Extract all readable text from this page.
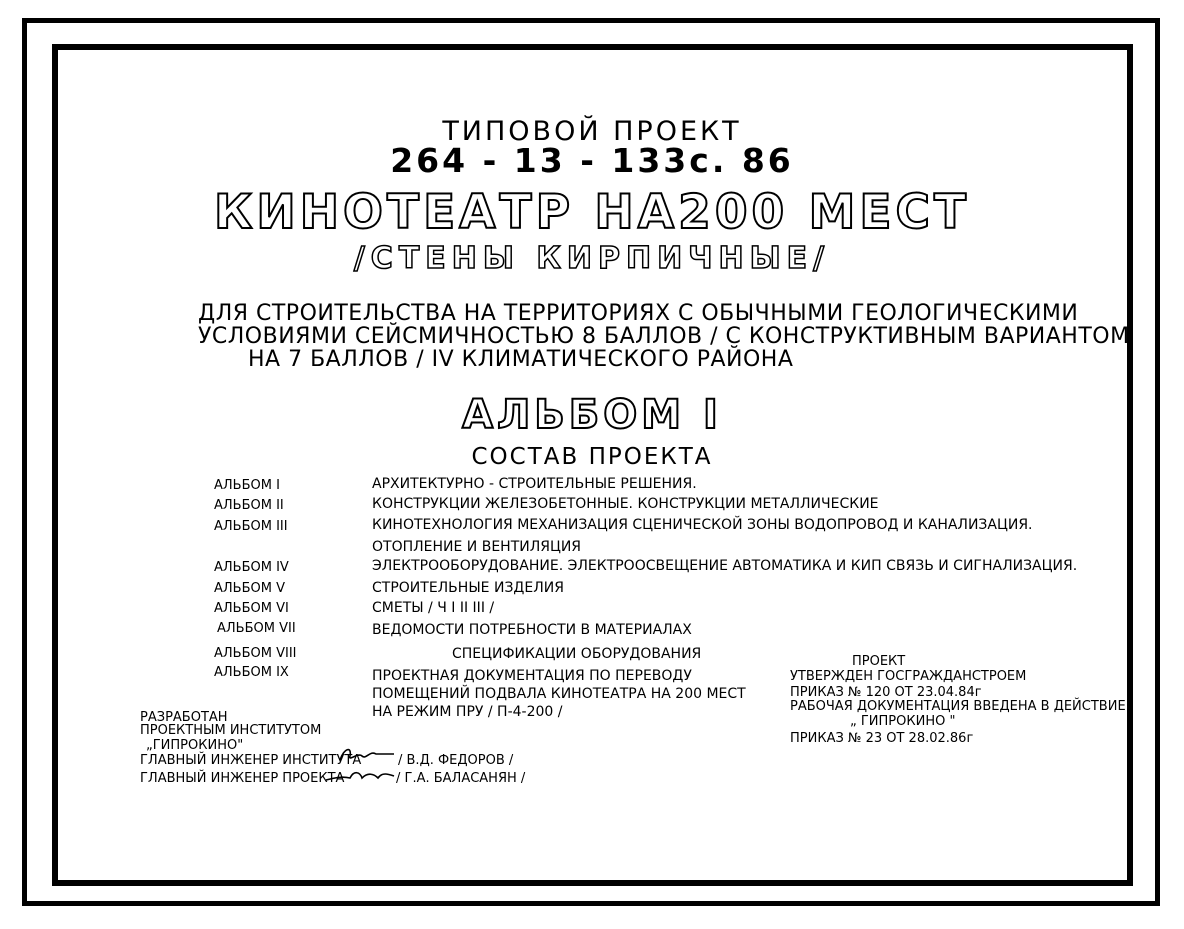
ТИПОВОЙ ПРОЕКТ
264 - 13 - 133с. 86
КИНОТЕАТР НА200 МЕСТ
/СТЕНЫ КИРПИЧНЫЕ/
ДЛЯ СТРОИТЕЛЬСТВА НА ТЕРРИТОРИЯХ С ОБЫЧНЫМИ ГЕОЛОГИЧЕСКИМИ
УСЛОВИЯМИ СЕЙСМИЧНОСТЬЮ 8 БАЛЛОВ / С КОНСТРУКТИВНЫМ ВАРИАНТОМ
НА 7 БАЛЛОВ / IV КЛИМАТИЧЕСКОГО РАЙОНА
АЛЬБОМ I
СОСТАВ ПРОЕКТА
АЛЬБОМ I	АРХИТЕКТУРНО - СТРОИТЕЛЬНЫЕ РЕШЕНИЯ.
АЛЬБОМ II	КОНСТРУКЦИИ ЖЕЛЕЗОБЕТОННЫЕ. КОНСТРУКЦИИ МЕТАЛЛИЧЕСКИЕ
АЛЬБОМ III	КИНОТЕХНОЛОГИЯ МЕХАНИЗАЦИЯ СЦЕНИЧЕСКОЙ ЗОНЫ ВОДОПРОВОД И КАНАЛИЗАЦИЯ.
ОТОПЛЕНИЕ И ВЕНТИЛЯЦИЯ
АЛЬБОМ IV	ЭЛЕКТРООБОРУДОВАНИЕ. ЭЛЕКТРООСВЕЩЕНИЕ АВТОМАТИКА И КИП СВЯЗЬ И СИГНАЛИЗАЦИЯ.
АЛЬБОМ V	СТРОИТЕЛЬНЫЕ ИЗДЕЛИЯ
АЛЬБОМ VI	СМЕТЫ / Ч I II III /
АЛЬБОМ VII	ВЕДОМОСТИ ПОТРЕБНОСТИ В МАТЕРИАЛАХ
АЛЬБОМ VIII	СПЕЦИФИКАЦИИ ОБОРУДОВАНИЯ
АЛЬБОМ IX	ПРОЕКТНАЯ ДОКУМЕНТАЦИЯ ПО ПЕРЕВОДУ
ПОМЕЩЕНИЙ ПОДВАЛА КИНОТЕАТРА НА 200 МЕСТ
НА РЕЖИМ ПРУ / П-4-200 /
ПРОЕКТ
УТВЕРЖДЕН ГОСГРАЖДАНСТРОЕМ
ПРИКАЗ № 120 ОТ 23.04.84г
РАБОЧАЯ ДОКУМЕНТАЦИЯ ВВЕДЕНА В ДЕЙСТВИЕ
„ ГИПРОКИНО "
ПРИКАЗ № 23 ОТ 28.02.86г
РАЗРАБОТАН
ПРОЕКТНЫМ ИНСТИТУТОМ
„ГИПРОКИНО"
ГЛАВНЫЙ ИНЖЕНЕР ИНСТИТУТА	/ В.Д. ФЕДОРОВ /
ГЛАВНЫЙ ИНЖЕНЕР ПРОЕКТА	/ Г.А. БАЛАСАНЯН /
